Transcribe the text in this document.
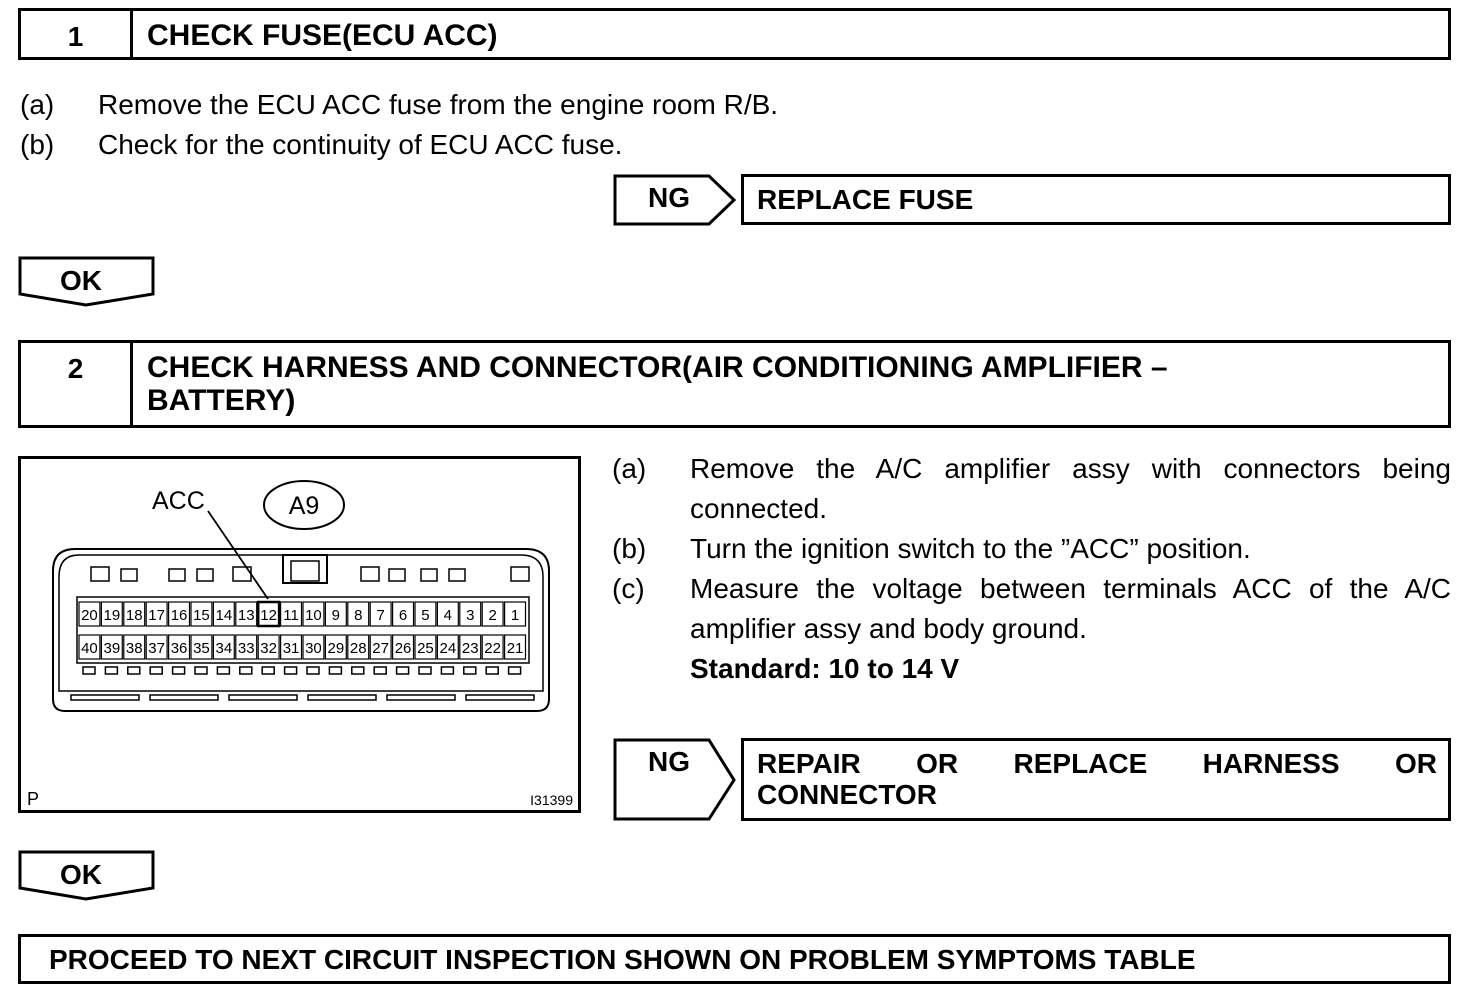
1	CHECK FUSE(ECU ACC)
(a) Remove the ECU ACC fuse from the engine room R/B.
(b) Check for the continuity of ECU ACC fuse.
NG REPLACE FUSE
OK
2	CHECK HARNESS AND CONNECTOR(AIR CONDITIONING AMPLIFIER –
BATTERY)
20 19 18 17 16 15 14 13 12 11 10 9 8 7 6 5 4 3 2 1
40 39 38 37 36 35 34 33 32 31 30 29 28 27 26 25 24 23 22 21
A9
ACC
P	I31399
(a) Remove the A/C amplifier assy with connectors being
connected.
(b) Turn the ignition switch to the ”ACC” position.
(c) Measure the voltage between terminals ACC of the A/C
amplifier assy and body ground.
Standard: 10 to 14 V
NG REPAIR OR REPLACE HARNESS OR
CONNECTOR
OK
PROCEED TO NEXT CIRCUIT INSPECTION SHOWN ON PROBLEM SYMPTOMS TABLE
